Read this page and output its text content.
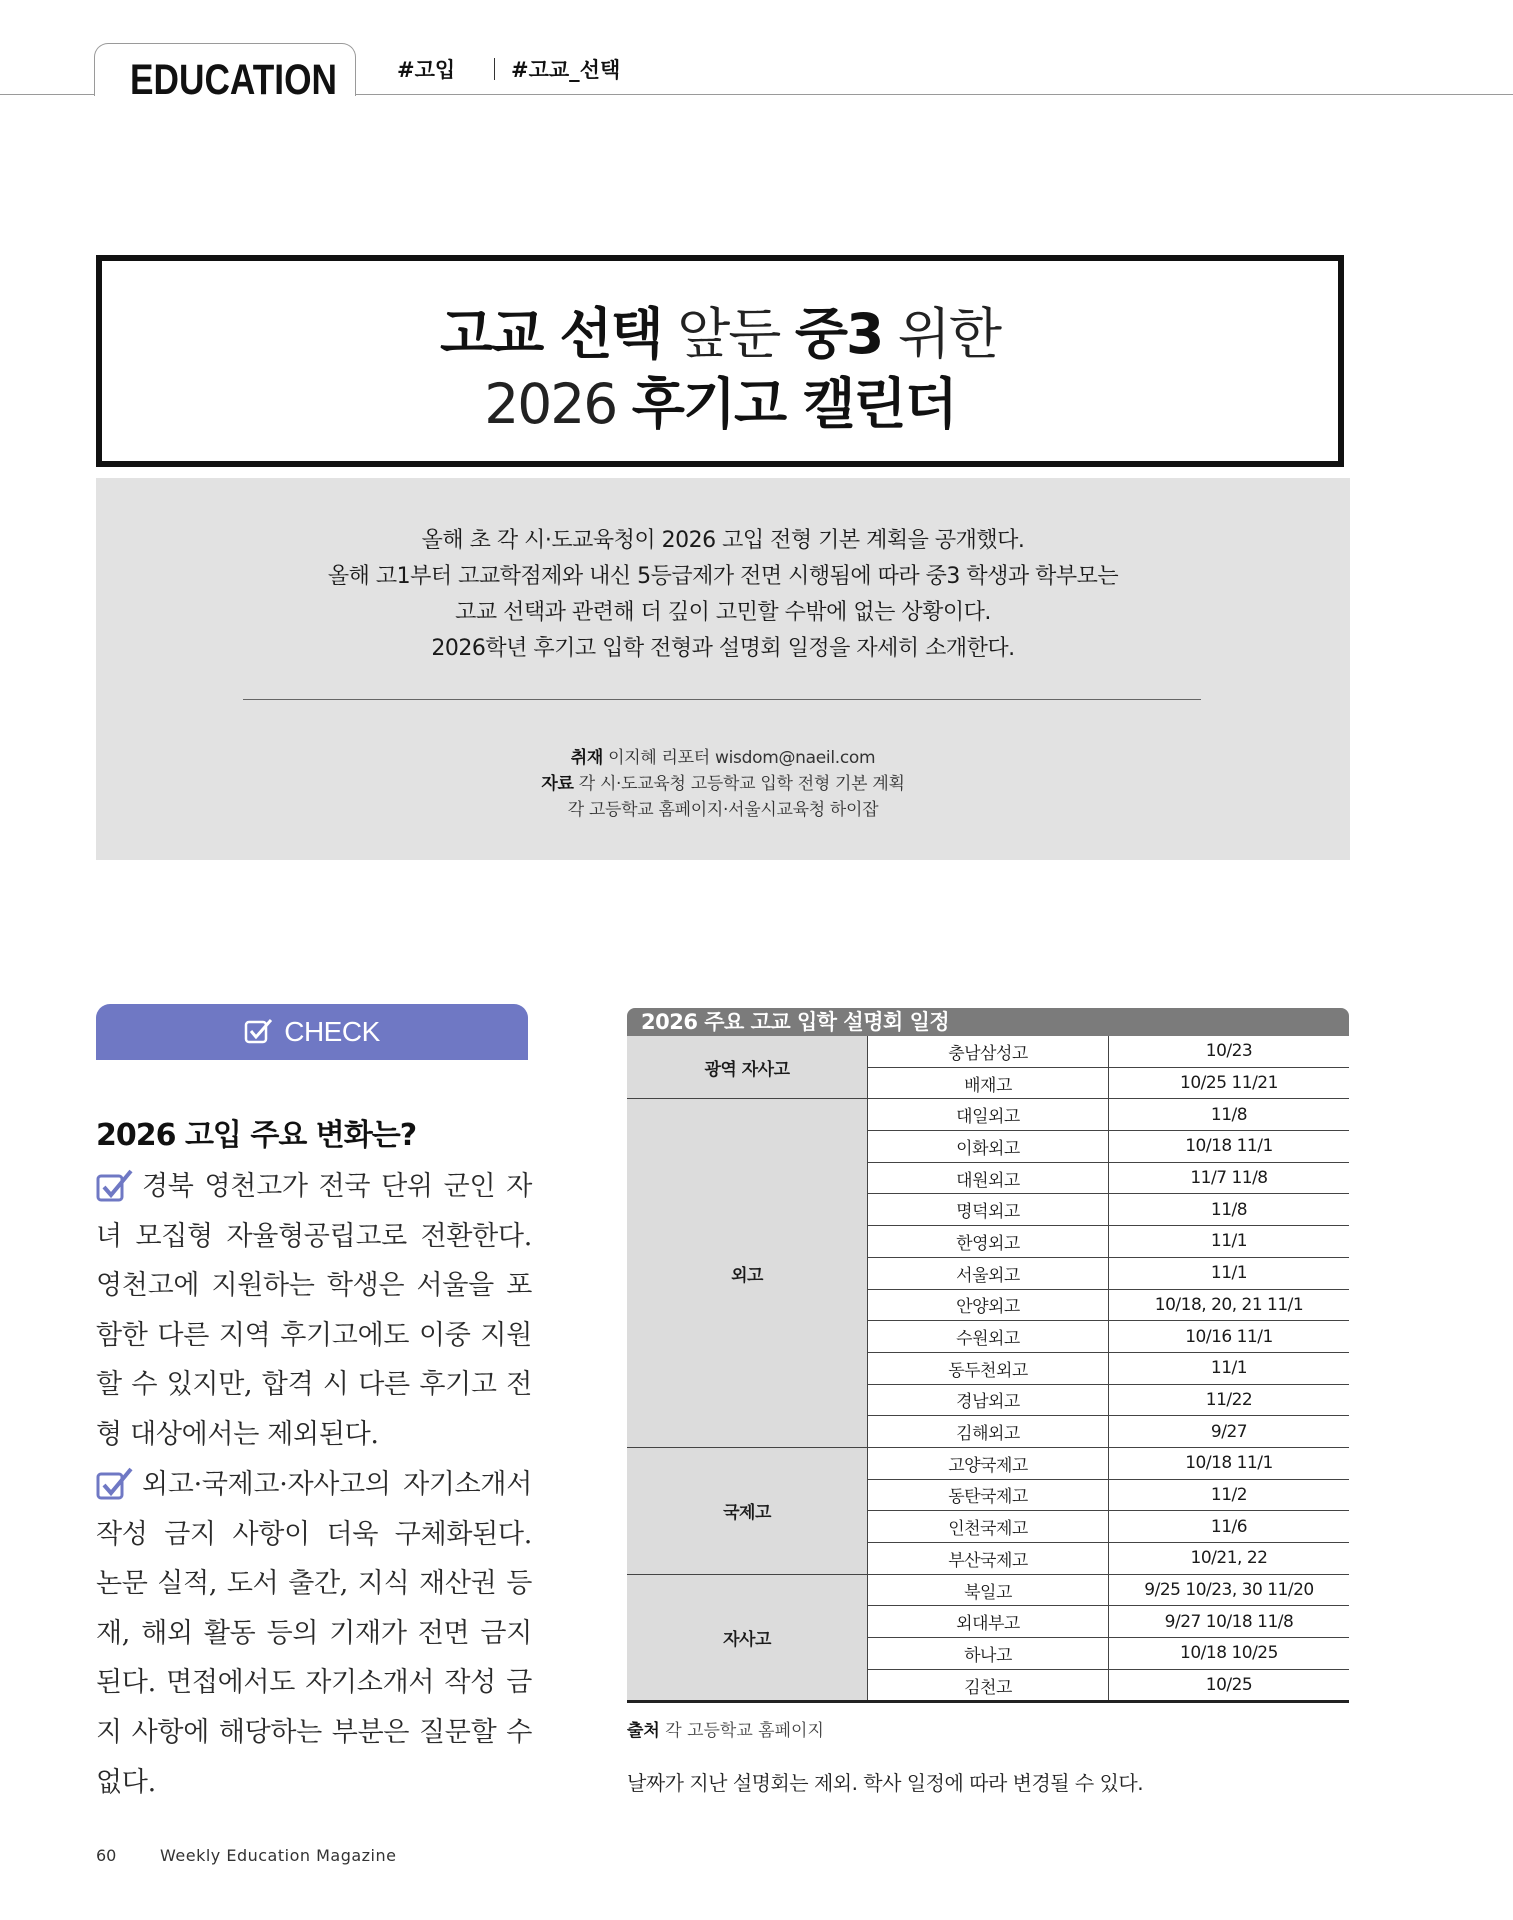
EDUCATION	#고입	#고교_선택
고교 선택 앞둔 중3 위한
2026 후기고 캘린더
올해 초 각 시·도교육청이 2026 고입 전형 기본 계획을 공개했다.
올해 고1부터 고교학점제와 내신 5등급제가 전면 시행됨에 따라 중3 학생과 학부모는
고교 선택과 관련해 더 깊이 고민할 수밖에 없는 상황이다.
2026학년 후기고 입학 전형과 설명회 일정을 자세히 소개한다.
취재 이지혜 리포터 wisdom@naeil.com
자료 각 시·도교육청 고등학교 입학 전형 기본 계획
각 고등학교 홈페이지·서울시교육청 하이잡
CHECK
2026 고입 주요 변화는?
경북 영천고가 전국 단위 군인 자녀 모집형 자율형공립고로 전환한다. 영천고에 지원하는 학생은 서울을 포함한 다른 지역 후기고에도 이중 지원할 수 있지만, 합격 시 다른 후기고 전형 대상에서는 제외된다.
외고·국제고·자사고의 자기소개서 작성 금지 사항이 더욱 구체화된다. 논문 실적, 도서 출간, 지식 재산권 등재, 해외 활동 등의 기재가 전면 금지된다. 면접에서도 자기소개서 작성 금지 사항에 해당하는 부분은 질문할 수 없다.
2026 주요 고교 입학 설명회 일정
광역 자사고	충남삼성고	10/23
	배재고	10/25 11/21
외고	대일외고	11/8
	이화외고	10/18 11/1
	대원외고	11/7 11/8
	명덕외고	11/8
	한영외고	11/1
	서울외고	11/1
	안양외고	10/18, 20, 21 11/1
	수원외고	10/16 11/1
	동두천외고	11/1
	경남외고	11/22
	김해외고	9/27
국제고	고양국제고	10/18 11/1
	동탄국제고	11/2
	인천국제고	11/6
	부산국제고	10/21, 22
자사고	북일고	9/25 10/23, 30 11/20
	외대부고	9/27 10/18 11/8
	하나고	10/18 10/25
	김천고	10/25
출처 각 고등학교 홈페이지
날짜가 지난 설명회는 제외. 학사 일정에 따라 변경될 수 있다.
60	Weekly Education Magazine
